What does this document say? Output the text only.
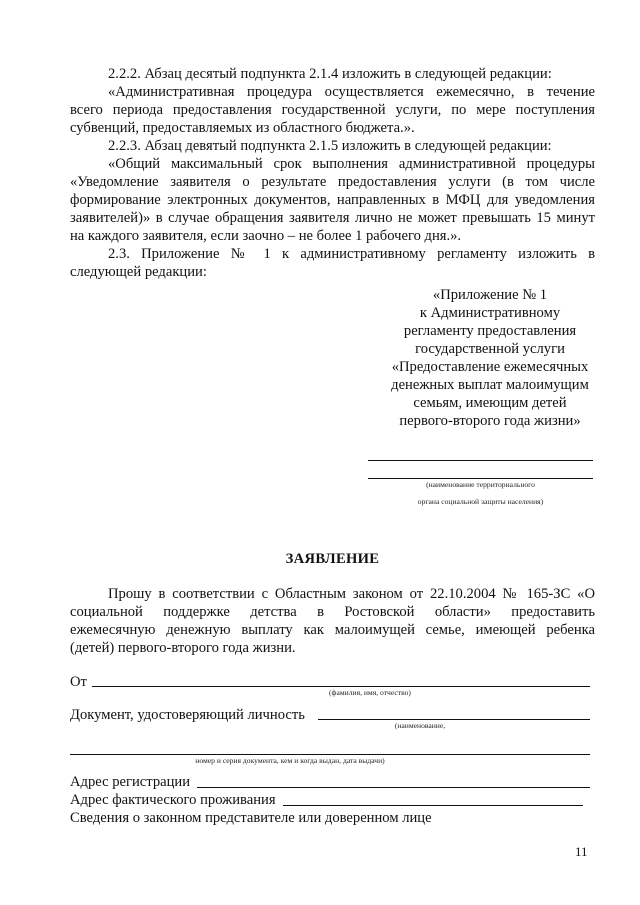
2.2.2. Абзац десятый подпункта 2.1.4 изложить в следующей редакции:
«Административная процедура осуществляется ежемесячно, в течение
всего периода предоставления государственной услуги, по мере поступления
субвенций, предоставляемых из областного бюджета.».
2.2.3. Абзац девятый подпункта 2.1.5 изложить в следующей редакции:
«Общий максимальный срок выполнения административной процедуры
«Уведомление заявителя о результате предоставления услуги (в том числе
формирование электронных документов, направленных в МФЦ для уведомления
заявителей)» в случае обращения заявителя лично не может превышать 15 минут
на каждого заявителя, если заочно – не более 1 рабочего дня.».
2.3. Приложение № 1 к административному регламенту изложить в
следующей редакции:
«Приложение № 1
к Административному
регламенту предоставления
государственной услуги
«Предоставление ежемесячных
денежных выплат малоимущим
семьям, имеющим детей
первого-второго года жизни»
(наименование территориального
органа социальной защиты населения)
ЗАЯВЛЕНИЕ
Прошу в соответствии с Областным законом от 22.10.2004 № 165-ЗС «О
социальной поддержке детства в Ростовской области» предоставить
ежемесячную денежную выплату как малоимущей семье, имеющей ребенка
(детей) первого-второго года жизни.
От
(фамилия, имя, отчество)
Документ, удостоверяющий личность
(наименование,
номер и серия документа, кем и когда выдан, дата выдачи)
Адрес регистрации
Адрес фактического проживания
Сведения о законном представителе или доверенном лице
11
